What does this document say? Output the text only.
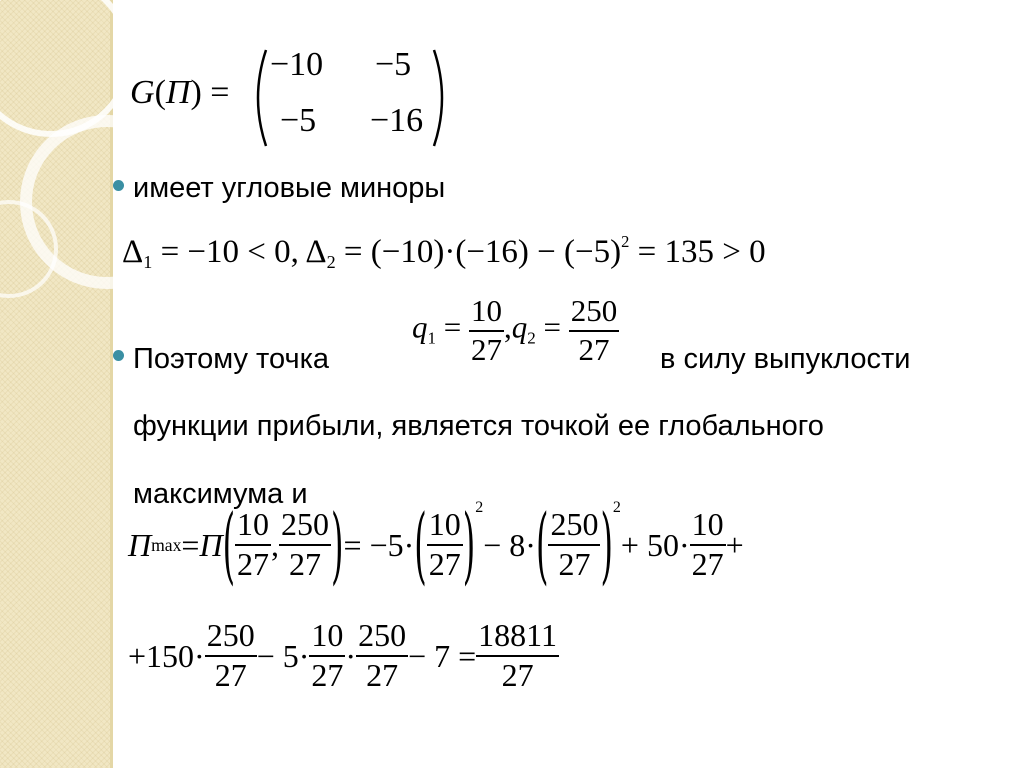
G(П) =
−10 −5
−5 −16
имеет угловые миноры
$\Delta_1 = -10 < 0$, $\Delta_2 = (-10)\cdot(-16) - (-5)^2 = 135 > 0$
$q_1 = \frac{10}{27} ,q_2 = \frac{250}{27}$
Поэтому точка	в силу выпуклости
функции прибыли, является точкой ее глобального
максимума и
П max = П ( $\frac{10}{27}$ , $\frac{250}{27}$ ) = −5· ( $\frac{10}{27}$ ) 2
− 8· ( $\frac{250}{27}$ ) 2
+ $50\cdot \frac{10}{27}$ +
$+150\cdot \frac{250}{27} - 5\cdot \frac{10}{27} \cdot \frac{250}{27} - 7 = \frac{18811}{27}$
